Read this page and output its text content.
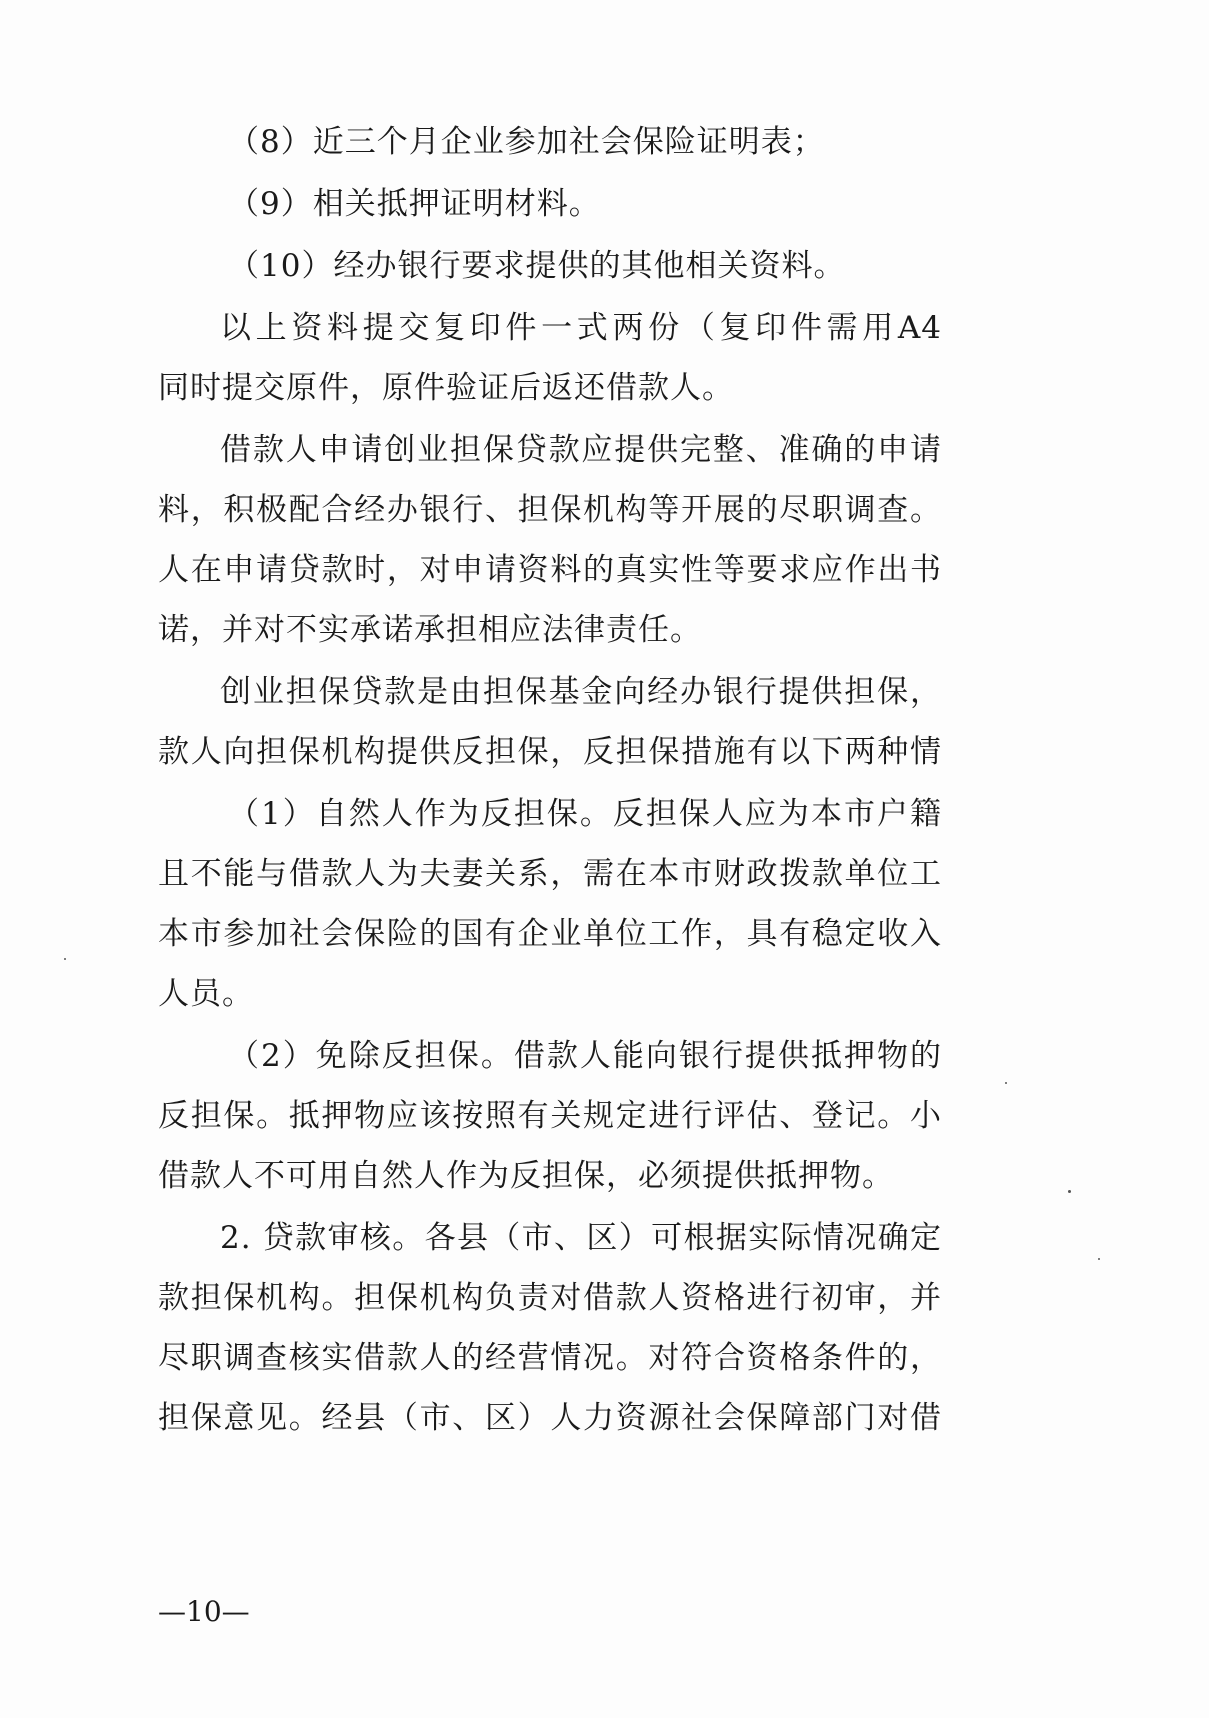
（8）近三个月企业参加社会保险证明表；
（9）相关抵押证明材料。
（10）经办银行要求提供的其他相关资料。
以上资料提交复印件一式两份（复印件需用A4
同时提交原件，原件验证后返还借款人。
借款人申请创业担保贷款应提供完整、准确的申请
料，积极配合经办银行、担保机构等开展的尽职调查。
人在申请贷款时，对申请资料的真实性等要求应作出书
诺，并对不实承诺承担相应法律责任。
创业担保贷款是由担保基金向经办银行提供担保，
款人向担保机构提供反担保，反担保措施有以下两种情
（1）自然人作为反担保。反担保人应为本市户籍
且不能与借款人为夫妻关系，需在本市财政拨款单位工
本市参加社会保险的国有企业单位工作，具有稳定收入
人员。
（2）免除反担保。借款人能向银行提供抵押物的
反担保。抵押物应该按照有关规定进行评估、登记。小
借款人不可用自然人作为反担保，必须提供抵押物。
2. 贷款审核。各县（市、区）可根据实际情况确定
款担保机构。担保机构负责对借款人资格进行初审，并
尽职调查核实借款人的经营情况。对符合资格条件的，
担保意见。经县（市、区）人力资源社会保障部门对借
—10—
